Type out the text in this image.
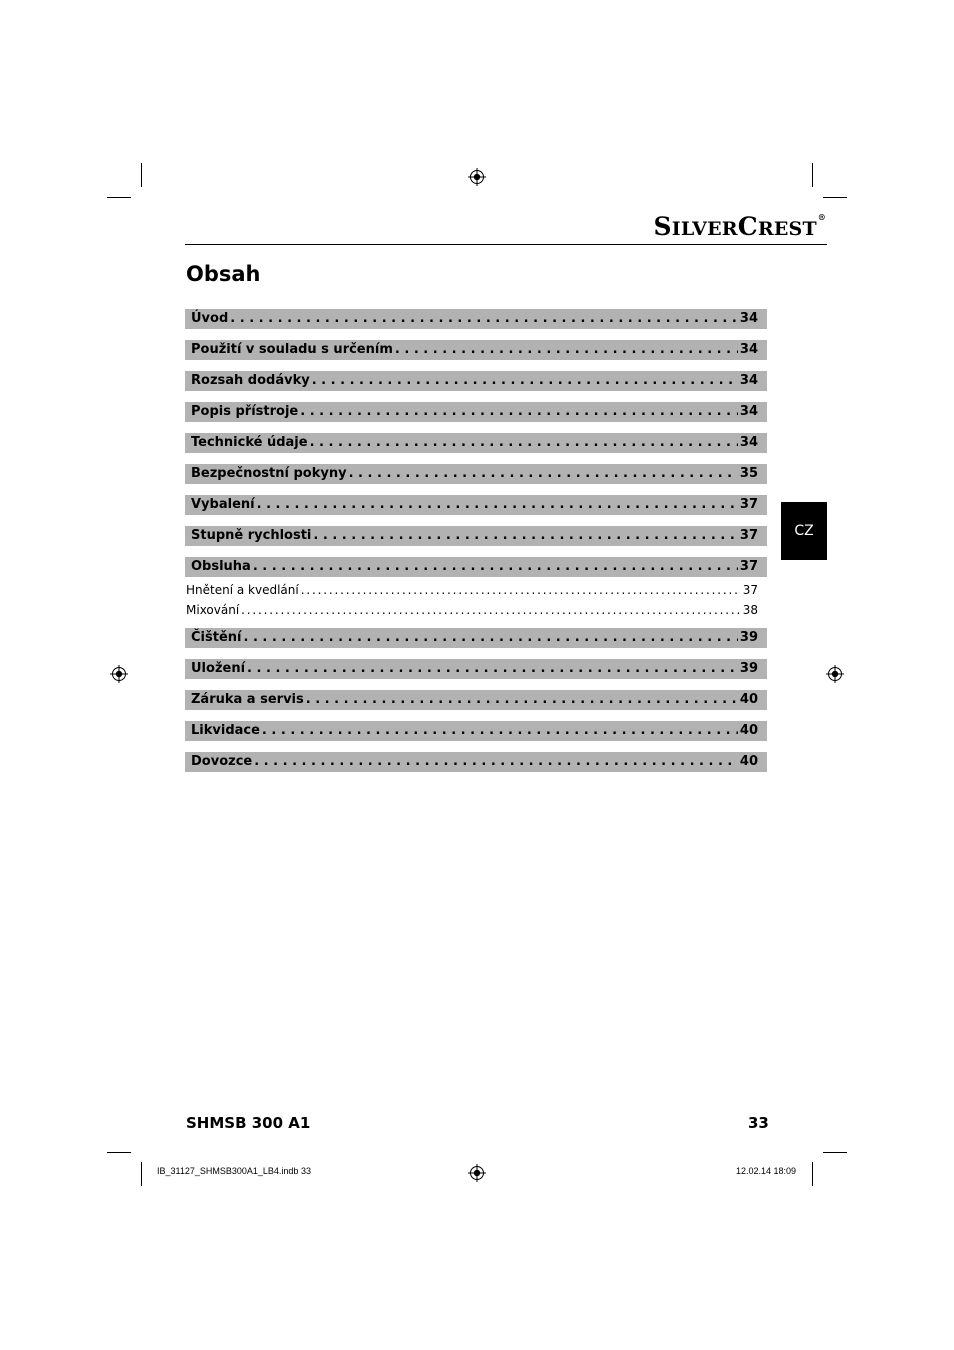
SILVERCREST®
Obsah
Úvod . . .	34
Použití v souladu s určením . . .	34
Rozsah dodávky . . .	34
Popis přístroje . . .	34
Technické údaje . . .	34
Bezpečnostní pokyny . . .	35
Vybalení . . .	37
Stupně rychlosti . . .	37
Obsluha . . .	37
Hnětení a kvedlání . . .	37
Mixování . . .	38
Čištění . . .	39
Uložení . . .	39
Záruka a servis . . .	40
Likvidace . . .	40
Dovozce . . .	40
CZ
SHMSB 300 A1	33
IB_31127_SHMSB300A1_LB4.indb 33	12.02.14 18:09
